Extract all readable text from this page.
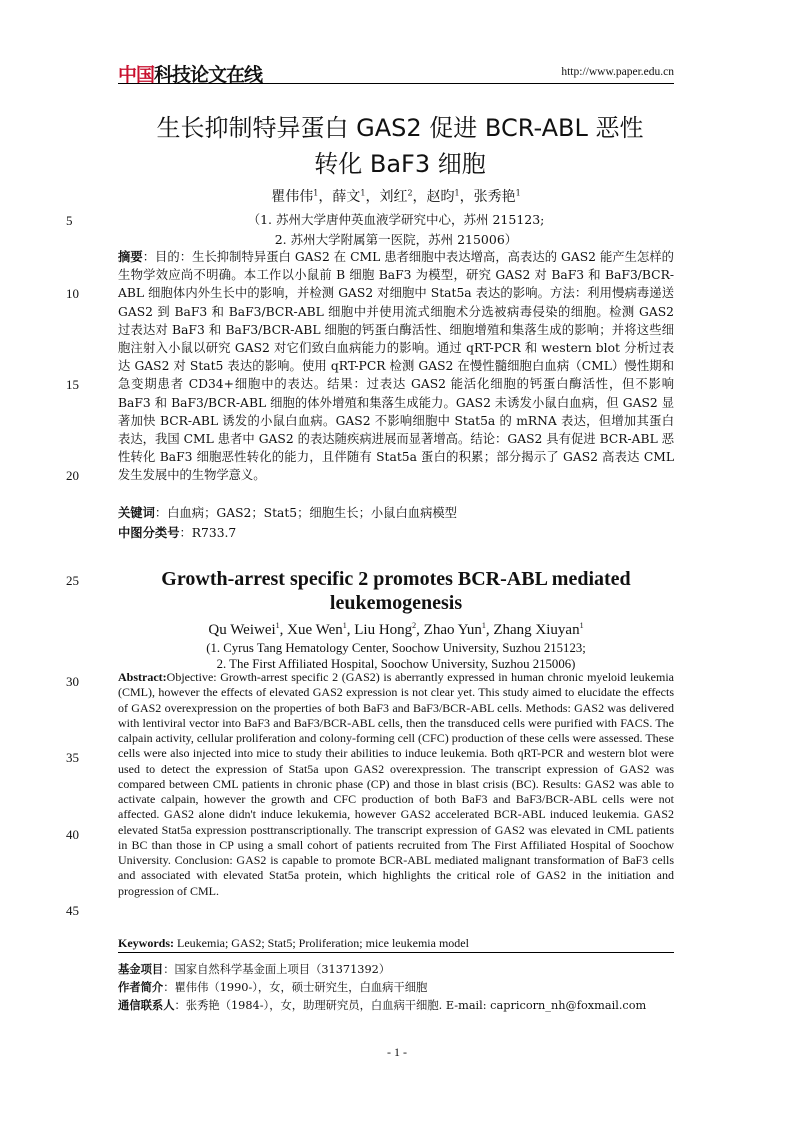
中国科技论文在线	http://www.paper.edu.cn
生长抑制特异蛋白 GAS2 促进 BCR-ABL 恶性
转化 BaF3 细胞
瞿伟伟$^1$，薛文$^1$，刘红$^2$，赵昀$^1$，张秀艳$^1$
（1. 苏州大学唐仲英血液学研究中心，苏州 215123;
2. 苏州大学附属第一医院，苏州 215006）
5
10
15
20
25
30
35
40
45
摘要：目的：生长抑制特异蛋白 GAS2 在 CML 患者细胞中表达增高，高表达的 GAS2 能产生怎样的生物学效应尚不明确。本工作以小鼠前 B 细胞 BaF3 为模型，研究 GAS2 对 BaF3 和 BaF3/BCR-ABL 细胞体内外生长中的影响，并检测 GAS2 对细胞中 Stat5a 表达的影响。方法：利用慢病毒递送 GAS2 到 BaF3 和 BaF3/BCR-ABL 细胞中并使用流式细胞术分选被病毒侵染的细胞。检测 GAS2 过表达对 BaF3 和 BaF3/BCR-ABL 细胞的钙蛋白酶活性、细胞增殖和集落生成的影响；并将这些细胞注射入小鼠以研究 GAS2 对它们致白血病能力的影响。通过 qRT-PCR 和 western blot 分析过表达 GAS2 对 Stat5 表达的影响。使用 qRT-PCR 检测 GAS2 在慢性髓细胞白血病（CML）慢性期和急变期患者 CD34+细胞中的表达。结果：过表达 GAS2 能活化细胞的钙蛋白酶活性，但不影响 BaF3 和 BaF3/BCR-ABL 细胞的体外增殖和集落生成能力。GAS2 未诱发小鼠白血病，但 GAS2 显著加快 BCR-ABL 诱发的小鼠白血病。GAS2 不影响细胞中 Stat5a 的 mRNA 表达，但增加其蛋白表达，我国 CML 患者中 GAS2 的表达随疾病进展而显著增高。结论：GAS2 具有促进 BCR-ABL 恶性转化 BaF3 细胞恶性转化的能力，且伴随有 Stat5a 蛋白的积累；部分揭示了 GAS2 高表达 CML 发生发展中的生物学意义。
关键词：白血病；GAS2；Stat5；细胞生长；小鼠白血病模型
中图分类号：R733.7
Growth-arrest specific 2 promotes BCR-ABL mediated
leukemogenesis
Qu Weiwei$^1$, Xue Wen$^1$, Liu Hong$^2$, Zhao Yun$^1$, Zhang Xiuyan$^1$
(1. Cyrus Tang Hematology Center, Soochow University, Suzhou 215123;
2. The First Affiliated Hospital, Soochow University, Suzhou 215006)
Abstract:Objective: Growth-arrest specific 2 (GAS2) is aberrantly expressed in human chronic myeloid leukemia (CML), however the effects of elevated GAS2 expression is not clear yet. This study aimed to elucidate the effects of GAS2 overexpression on the properties of both BaF3 and BaF3/BCR-ABL cells. Methods: GAS2 was delivered with lentiviral vector into BaF3 and BaF3/BCR-ABL cells, then the transduced cells were purified with FACS. The calpain activity, cellular proliferation and colony-forming cell (CFC) production of these cells were assessed. These cells were also injected into mice to study their abilities to induce leukemia. Both qRT-PCR and western blot were used to detect the expression of Stat5a upon GAS2 overexpression. The transcript expression of GAS2 was compared between CML patients in chronic phase (CP) and those in blast crisis (BC). Results: GAS2 was able to activate calpain, however the growth and CFC production of both BaF3 and BaF3/BCR-ABL cells were not affected. GAS2 alone didn't induce lekukemia, however GAS2 accelerated BCR-ABL induced leukemia. GAS2 elevated Stat5a expression posttranscriptionally. The transcript expression of GAS2 was elevated in CML patients in BC than those in CP using a small cohort of patients recruited from The First Affiliated Hospital of Soochow University. Conclusion: GAS2 is capable to promote BCR-ABL mediated malignant transformation of BaF3 cells and associated with elevated Stat5a protein, which highlights the critical role of GAS2 in the initiation and progression of CML.
Keywords: Leukemia; GAS2; Stat5; Proliferation; mice leukemia model
基金项目：国家自然科学基金面上项目（31371392）
作者简介：瞿伟伟（1990-），女，硕士研究生，白血病干细胞
通信联系人：张秀艳（1984-），女，助理研究员，白血病干细胞. E-mail: capricorn_nh@foxmail.com
- 1 -
